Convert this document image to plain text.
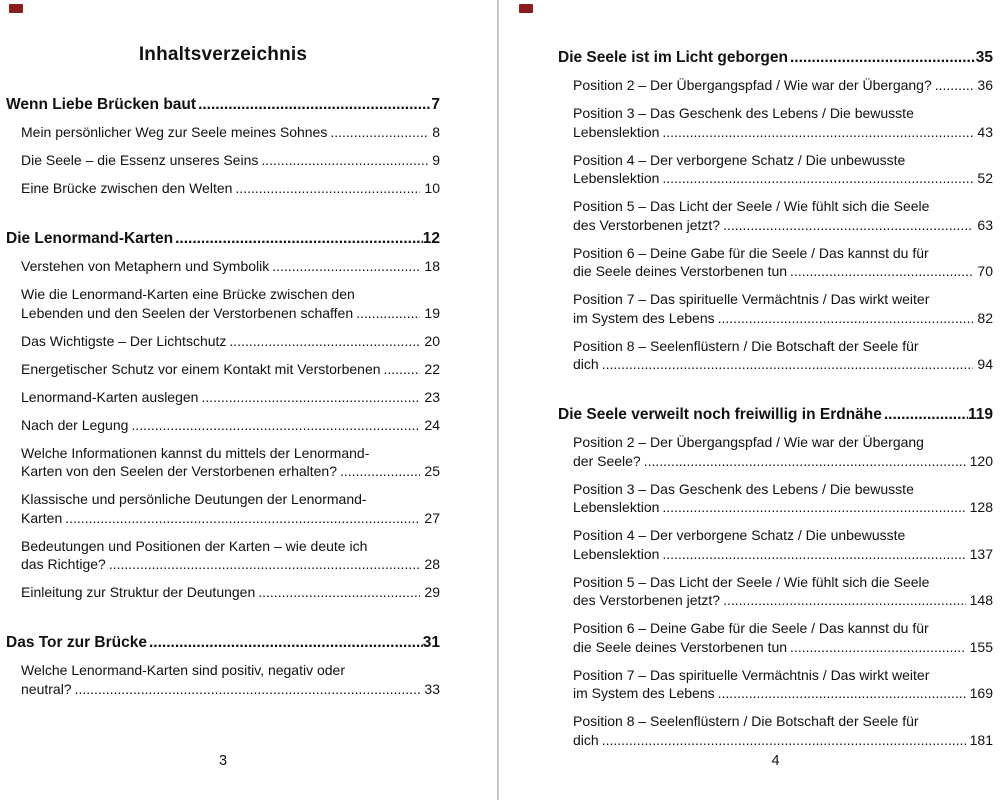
Inhaltsverzeichnis
Wenn Liebe Brücken baut .....	7
Mein persönlicher Weg zur Seele meines Sohnes .....	8
Die Seele – die Essenz unseres Seins .....	9
Eine Brücke zwischen den Welten .....	10
Die Lenormand-Karten .....	12
Verstehen von Metaphern und Symbolik .....	18
Wie die Lenormand-Karten eine Brücke zwischen den
Lebenden und den Seelen der Verstorbenen schaffen .....	19
Das Wichtigste – Der Lichtschutz .....	20
Energetischer Schutz vor einem Kontakt mit Verstorbenen .....	22
Lenormand-Karten auslegen .....	23
Nach der Legung .....	24
Welche Informationen kannst du mittels der Lenormand-
Karten von den Seelen der Verstorbenen erhalten? .....	25
Klassische und persönliche Deutungen der Lenormand-
Karten .....	27
Bedeutungen und Positionen der Karten – wie deute ich
das Richtige? .....	28
Einleitung zur Struktur der Deutungen .....	29
Das Tor zur Brücke .....	31
Welche Lenormand-Karten sind positiv, negativ oder
neutral? .....	33
3
Die Seele ist im Licht geborgen .....	35
Position 2 – Der Übergangspfad / Wie war der Übergang? .....	36
Position 3 – Das Geschenk des Lebens / Die bewusste
Lebenslektion .....	43
Position 4 – Der verborgene Schatz / Die unbewusste
Lebenslektion .....	52
Position 5 – Das Licht der Seele / Wie fühlt sich die Seele
des Verstorbenen jetzt? .....	63
Position 6 – Deine Gabe für die Seele / Das kannst du für
die Seele deines Verstorbenen tun .....	70
Position 7 – Das spirituelle Vermächtnis / Das wirkt weiter
im System des Lebens .....	82
Position 8 – Seelenflüstern / Die Botschaft der Seele für
dich .....	94
Die Seele verweilt noch freiwillig in Erdnähe .....	119
Position 2 – Der Übergangspfad / Wie war der Übergang
der Seele? .....	120
Position 3 – Das Geschenk des Lebens / Die bewusste
Lebenslektion .....	128
Position 4 – Der verborgene Schatz / Die unbewusste
Lebenslektion .....	137
Position 5 – Das Licht der Seele / Wie fühlt sich die Seele
des Verstorbenen jetzt? .....	148
Position 6 – Deine Gabe für die Seele / Das kannst du für
die Seele deines Verstorbenen tun .....	155
Position 7 – Das spirituelle Vermächtnis / Das wirkt weiter
im System des Lebens .....	169
Position 8 – Seelenflüstern / Die Botschaft der Seele für
dich .....	181
4
